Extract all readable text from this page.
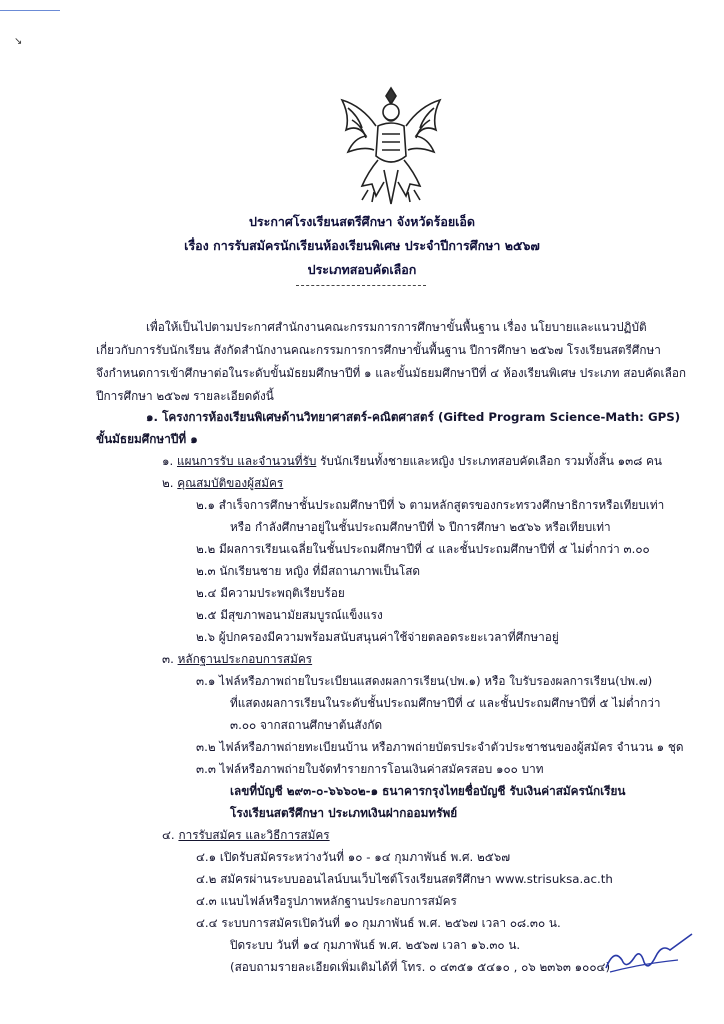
↘
ประกาศโรงเรียนสตรีศึกษา จังหวัดร้อยเอ็ด
เรื่อง การรับสมัครนักเรียนห้องเรียนพิเศษ ประจำปีการศึกษา ๒๕๖๗
ประเภทสอบคัดเลือก
เพื่อให้เป็นไปตามประกาศสำนักงานคณะกรรมการการศึกษาขั้นพื้นฐาน เรื่อง นโยบายและแนวปฏิบัติ
เกี่ยวกับการรับนักเรียน สังกัดสำนักงานคณะกรรมการการศึกษาขั้นพื้นฐาน ปีการศึกษา ๒๕๖๗ โรงเรียนสตรีศึกษา
จึงกำหนดการเข้าศึกษาต่อในระดับขั้นมัธยมศึกษาปีที่ ๑ และขั้นมัธยมศึกษาปีที่ ๔ ห้องเรียนพิเศษ ประเภท สอบคัดเลือก
ปีการศึกษา ๒๕๖๗ รายละเอียดดังนี้
๑. โครงการห้องเรียนพิเศษด้านวิทยาศาสตร์-คณิตศาสตร์ (Gifted Program Science-Math: GPS)
ขั้นมัธยมศึกษาปีที่ ๑
๑. แผนการรับ และจำนวนที่รับ รับนักเรียนทั้งชายและหญิง ประเภทสอบคัดเลือก รวมทั้งสิ้น ๑๓๘ คน
๒. คุณสมบัติของผู้สมัคร
๒.๑ สำเร็จการศึกษาชั้นประถมศึกษาปีที่ ๖ ตามหลักสูตรของกระทรวงศึกษาธิการหรือเทียบเท่า
หรือ กำลังศึกษาอยู่ในชั้นประถมศึกษาปีที่ ๖ ปีการศึกษา ๒๕๖๖ หรือเทียบเท่า
๒.๒ มีผลการเรียนเฉลี่ยในชั้นประถมศึกษาปีที่ ๔ และชั้นประถมศึกษาปีที่ ๕ ไม่ต่ำกว่า ๓.๐๐
๒.๓ นักเรียนชาย หญิง ที่มีสถานภาพเป็นโสด
๒.๔ มีความประพฤติเรียบร้อย
๒.๕ มีสุขภาพอนามัยสมบูรณ์แข็งแรง
๒.๖ ผู้ปกครองมีความพร้อมสนับสนุนค่าใช้จ่ายตลอดระยะเวลาที่ศึกษาอยู่
๓. หลักฐานประกอบการสมัคร
๓.๑ ไฟล์หรือภาพถ่ายใบระเบียนแสดงผลการเรียน(ปพ.๑) หรือ ใบรับรองผลการเรียน(ปพ.๗)
ที่แสดงผลการเรียนในระดับชั้นประถมศึกษาปีที่ ๔ และชั้นประถมศึกษาปีที่ ๕ ไม่ต่ำกว่า
๓.๐๐ จากสถานศึกษาต้นสังกัด
๓.๒ ไฟล์หรือภาพถ่ายทะเบียนบ้าน หรือภาพถ่ายบัตรประจำตัวประชาชนของผู้สมัคร จำนวน ๑ ชุด
๓.๓ ไฟล์หรือภาพถ่ายใบจัดทำรายการโอนเงินค่าสมัครสอบ ๑๐๐ บาท
เลขที่บัญชี ๒๙๓-๐-๖๖๖๐๒-๑ ธนาคารกรุงไทยชื่อบัญชี รับเงินค่าสมัครนักเรียน
โรงเรียนสตรีศึกษา ประเภทเงินฝากออมทรัพย์
๔. การรับสมัคร และวิธีการสมัคร
๔.๑ เปิดรับสมัครระหว่างวันที่ ๑๐ - ๑๔ กุมภาพันธ์ พ.ศ. ๒๕๖๗
๔.๒ สมัครผ่านระบบออนไลน์บนเว็บไซต์โรงเรียนสตรีศึกษา www.strisuksa.ac.th
๔.๓ แนบไฟล์หรือรูปภาพหลักฐานประกอบการสมัคร
๔.๔ ระบบการสมัครเปิดวันที่ ๑๐ กุมภาพันธ์ พ.ศ. ๒๕๖๗ เวลา ๐๘.๓๐ น.
ปิดระบบ วันที่ ๑๔ กุมภาพันธ์ พ.ศ. ๒๕๖๗ เวลา ๑๖.๓๐ น.
(สอบถามรายละเอียดเพิ่มเติมได้ที่ โทร. ๐ ๔๓๕๑ ๕๔๑๐ , ๐๖ ๒๓๖๓ ๑๐๐๔)
